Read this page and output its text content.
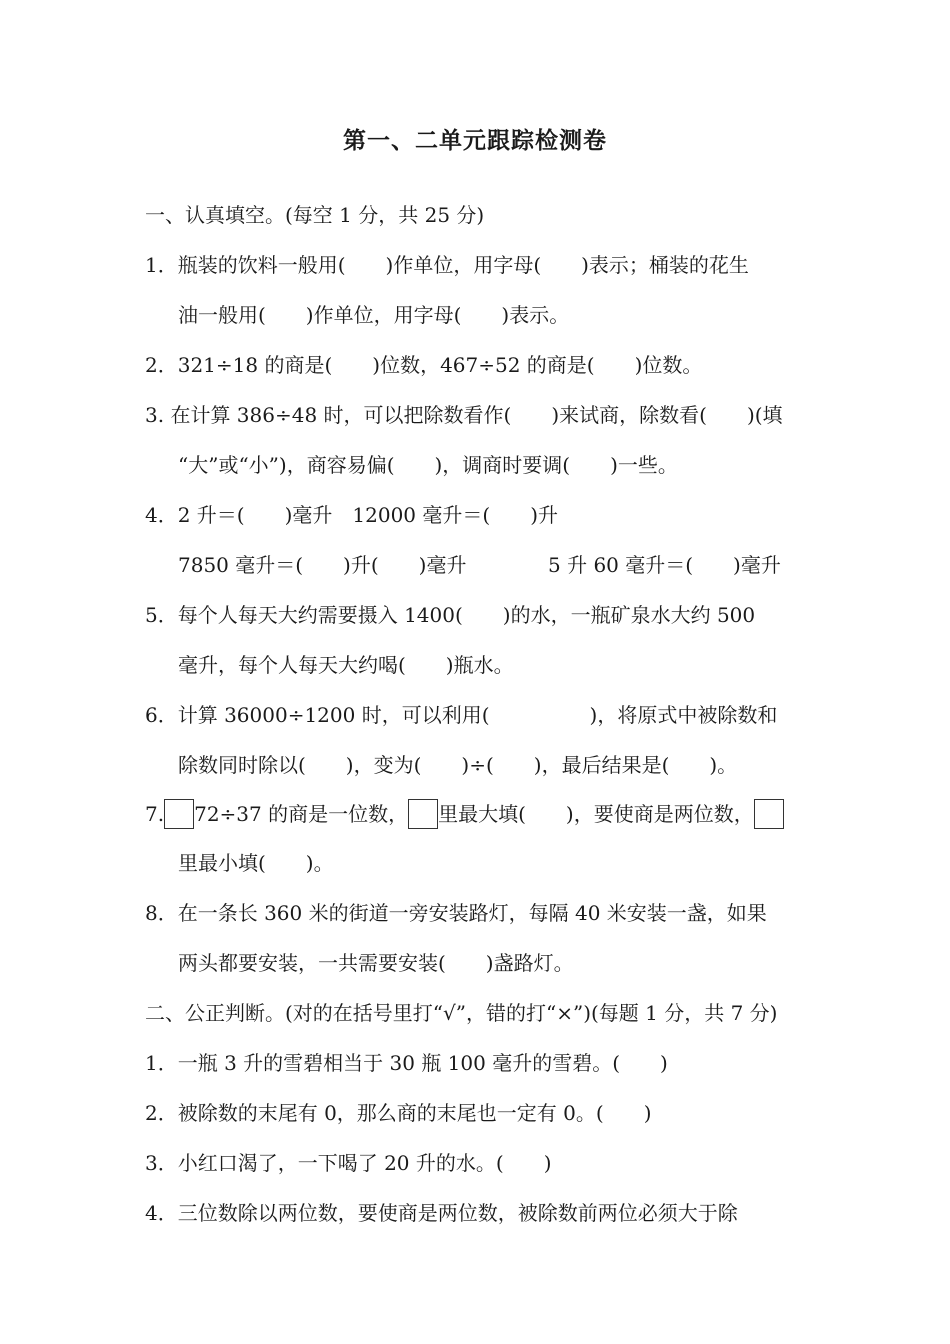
第一、二单元跟踪检测卷
一、认真填空。(每空 1 分，共 25 分)
1．瓶装的饮料一般用(　　)作单位，用字母(　　)表示；桶装的花生
油一般用(　　)作单位，用字母(　　)表示。
2．321÷18 的商是(　　)位数，467÷52 的商是(　　)位数。
3. 在计算 386÷48 时，可以把除数看作(　　)来试商，除数看(　　)(填
“大”或“小”)，商容易偏(　　)，调商时要调(　　)一些。
4．2 升＝(　　)毫升　12000 毫升＝(　　)升
7850 毫升＝(　　)升(　　)毫升	5 升 60 毫升＝(　　)毫升
5．每个人每天大约需要摄入 1400(　　)的水，一瓶矿泉水大约 500
毫升，每个人每天大约喝(　　)瓶水。
6．计算 36000÷1200 时，可以利用(　　　　　)，将原式中被除数和
除数同时除以(　　)，变为(　　)÷(　　)，最后结果是(　　)。
7. 72÷37 的商是一位数， 里最大填(　　)，要使商是两位数，
里最小填(　　)。
8．在一条长 360 米的街道一旁安装路灯，每隔 40 米安装一盏，如果
两头都要安装，一共需要安装(　　)盏路灯。
二、公正判断。(对的在括号里打“√”，错的打“×”)(每题 1 分，共 7 分)
1．一瓶 3 升的雪碧相当于 30 瓶 100 毫升的雪碧。(　　)
2．被除数的末尾有 0，那么商的末尾也一定有 0。(　　)
3．小红口渴了，一下喝了 20 升的水。(　　)
4．三位数除以两位数，要使商是两位数，被除数前两位必须大于除
